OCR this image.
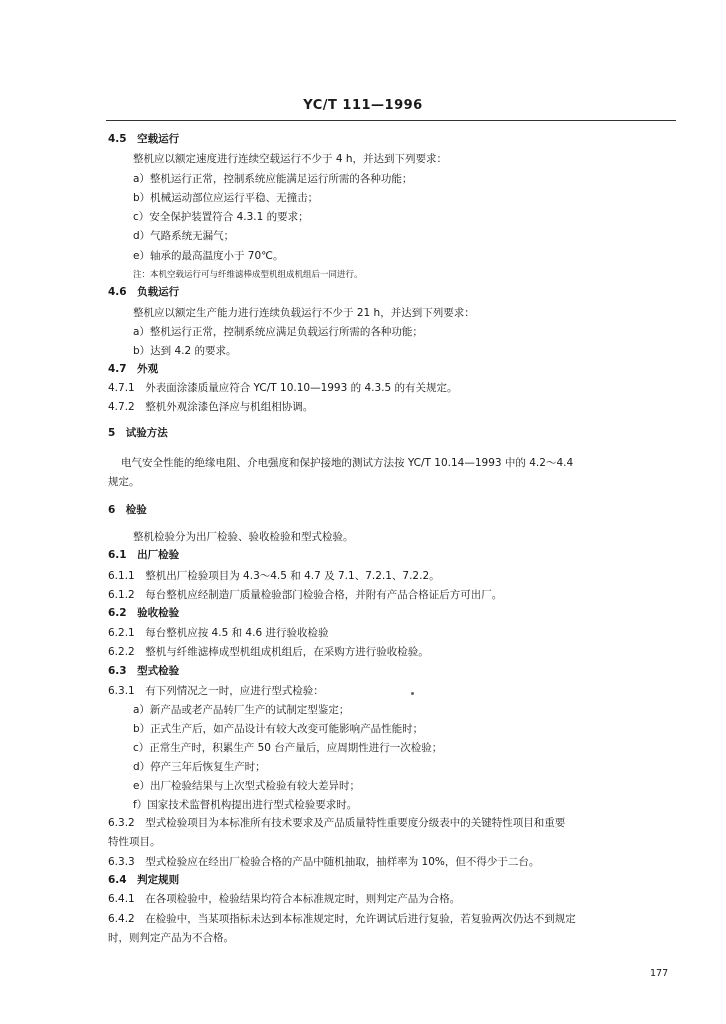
YC/T 111—1996
4.5　空载运行
整机应以额定速度进行连续空载运行不少于 4 h，并达到下列要求：
a）整机运行正常，控制系统应能满足运行所需的各种功能；
b）机械运动部位应运行平稳、无撞击；
c）安全保护装置符合 4.3.1 的要求；
d）气路系统无漏气；
e）轴承的最高温度小于 70℃。
注：本机空载运行可与纤维滤棒成型机组成机组后一同进行。
4.6　负载运行
整机应以额定生产能力进行连续负载运行不少于 21 h，并达到下列要求：
a）整机运行正常，控制系统应满足负载运行所需的各种功能；
b）达到 4.2 的要求。
4.7　外观
4.7.1　外表面涂漆质量应符合 YC/T 10.10—1993 的 4.3.5 的有关规定。
4.7.2　整机外观涂漆色泽应与机组相协调。
5　试验方法
电气安全性能的绝缘电阻、介电强度和保护接地的测试方法按 YC/T 10.14—1993 中的 4.2～4.4
规定。
6　检验
整机检验分为出厂检验、验收检验和型式检验。
6.1　出厂检验
6.1.1　整机出厂检验项目为 4.3～4.5 和 4.7 及 7.1、7.2.1、7.2.2。
6.1.2　每台整机应经制造厂质量检验部门检验合格，并附有产品合格证后方可出厂。
6.2　验收检验
6.2.1　每台整机应按 4.5 和 4.6 进行验收检验
6.2.2　整机与纤维滤棒成型机组成机组后，在采购方进行验收检验。
6.3　型式检验
6.3.1　有下列情况之一时，应进行型式检验：
a）新产品或老产品转厂生产的试制定型鉴定；
b）正式生产后，如产品设计有较大改变可能影响产品性能时；
c）正常生产时，积累生产 50 台产量后，应周期性进行一次检验；
d）停产三年后恢复生产时；
e）出厂检验结果与上次型式检验有较大差异时；
f）国家技术监督机构提出进行型式检验要求时。
6.3.2　型式检验项目为本标准所有技术要求及产品质量特性重要度分级表中的关键特性项目和重要
特性项目。
6.3.3　型式检验应在经出厂检验合格的产品中随机抽取，抽样率为 10%，但不得少于二台。
6.4　判定规则
6.4.1　在各项检验中，检验结果均符合本标准规定时，则判定产品为合格。
6.4.2　在检验中，当某项指标未达到本标准规定时，允许调试后进行复验，若复验两次仍达不到规定
时，则判定产品为不合格。
177
